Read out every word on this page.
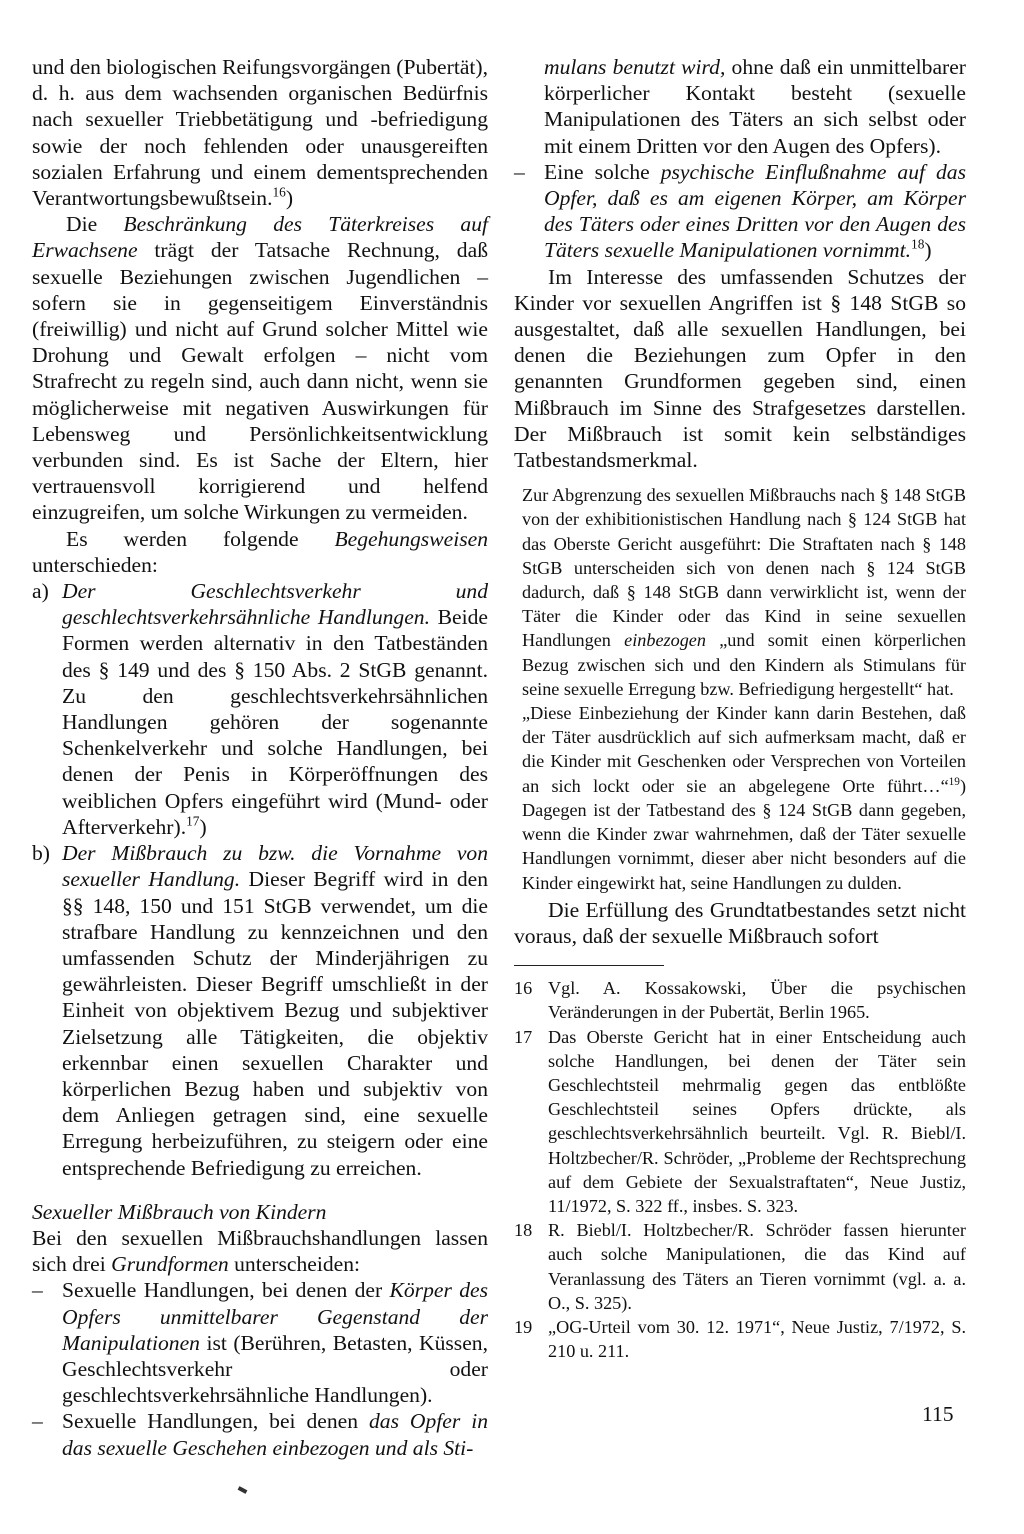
und den biologischen Reifungsvorgängen (Pubertät), d. h. aus dem wachsenden organischen Bedürfnis nach sexueller Triebbetätigung und -befriedigung sowie der noch fehlenden oder unausgereiften sozialen Erfahrung und einem dementsprechenden Verantwortungsbewußtsein.$^{16}$)

Die Beschränkung des Täterkreises auf Erwachsene trägt der Tatsache Rechnung, daß sexuelle Beziehungen zwischen Jugendlichen – sofern sie in gegenseitigem Einverständnis (freiwillig) und nicht auf Grund solcher Mittel wie Drohung und Gewalt erfolgen – nicht vom Strafrecht zu regeln sind, auch dann nicht, wenn sie möglicherweise mit negativen Auswirkungen für Lebensweg und Persönlichkeitsentwicklung verbunden sind. Es ist Sache der Eltern, hier vertrauensvoll korrigierend und helfend einzugreifen, um solche Wirkungen zu vermeiden.

Es werden folgende Begehungsweisen unterschieden:

a) Der Geschlechtsverkehr und geschlechtsverkehrsähnliche Handlungen. Beide Formen werden alternativ in den Tatbeständen des § 149 und des § 150 Abs. 2 StGB genannt. Zu den geschlechtsverkehrsähnlichen Handlungen gehören der sogenannte Schenkelverkehr und solche Handlungen, bei denen der Penis in Körperöffnungen des weiblichen Opfers eingeführt wird (Mund- oder Afterverkehr).$^{17}$)
b) Der Mißbrauch zu bzw. die Vornahme von sexueller Handlung. Dieser Begriff wird in den §§ 148, 150 und 151 StGB verwendet, um die strafbare Handlung zu kennzeichnen und den umfassenden Schutz der Minderjährigen zu gewährleisten. Dieser Begriff umschließt in der Einheit von objektivem Bezug und subjektiver Zielsetzung alle Tätigkeiten, die objektiv erkennbar einen sexuellen Charakter und körperlichen Bezug haben und subjektiv von dem Anliegen getragen sind, eine sexuelle Erregung herbeizuführen, zu steigern oder eine entsprechende Befriedigung zu erreichen.

Sexueller Mißbrauch von Kindern

Bei den sexuellen Mißbrauchshandlungen lassen sich drei Grundformen unterscheiden:

– Sexuelle Handlungen, bei denen der Körper des Opfers unmittelbarer Gegenstand der Manipulationen ist (Berühren, Betasten, Küssen, Geschlechtsverkehr oder geschlechtsverkehrsähnliche Handlungen).
– Sexuelle Handlungen, bei denen das Opfer in das sexuelle Geschehen einbezogen und als Sti-

mulans benutzt wird, ohne daß ein unmittelbarer körperlicher Kontakt besteht (sexuelle Manipulationen des Täters an sich selbst oder mit einem Dritten vor den Augen des Opfers).

– Eine solche psychische Einflußnahme auf das Opfer, daß es am eigenen Körper, am Körper des Täters oder eines Dritten vor den Augen des Täters sexuelle Manipulationen vornimmt.$^{18}$)

Im Interesse des umfassenden Schutzes der Kinder vor sexuellen Angriffen ist § 148 StGB so ausgestaltet, daß alle sexuellen Handlungen, bei denen die Beziehungen zum Opfer in den genannten Grundformen gegeben sind, einen Mißbrauch im Sinne des Strafgesetzes darstellen. Der Mißbrauch ist somit kein selbständiges Tatbestandsmerkmal.

Zur Abgrenzung des sexuellen Mißbrauchs nach § 148 StGB von der exhibitionistischen Handlung nach § 124 StGB hat das Oberste Gericht ausgeführt: Die Straftaten nach § 148 StGB unterscheiden sich von denen nach § 124 StGB dadurch, daß § 148 StGB dann verwirklicht ist, wenn der Täter die Kinder oder das Kind in seine sexuellen Handlungen einbezogen „und somit einen körperlichen Bezug zwischen sich und den Kindern als Stimulans für seine sexuelle Erregung bzw. Befriedigung hergestellt“ hat.

„Diese Einbeziehung der Kinder kann darin Bestehen, daß der Täter ausdrücklich auf sich aufmerksam macht, daß er die Kinder mit Geschenken oder Versprechen von Vorteilen an sich lockt oder sie an abgelegene Orte führt…“$^{19}$) Dagegen ist der Tatbestand des § 124 StGB dann gegeben, wenn die Kinder zwar wahrnehmen, daß der Täter sexuelle Handlungen vornimmt, dieser aber nicht besonders auf die Kinder eingewirkt hat, seine Handlungen zu dulden.

Die Erfüllung des Grundtatbestandes setzt nicht voraus, daß der sexuelle Mißbrauch sofort

16 Vgl. A. Kossakowski, Über die psychischen Veränderungen in der Pubertät, Berlin 1965.
17 Das Oberste Gericht hat in einer Entscheidung auch solche Handlungen, bei denen der Täter sein Geschlechtsteil mehrmalig gegen das entblößte Geschlechtsteil seines Opfers drückte, als geschlechtsverkehrsähnlich beurteilt. Vgl. R. Biebl/I. Holtzbecher/R. Schröder, „Probleme der Rechtsprechung auf dem Gebiete der Sexualstraftaten“, Neue Justiz, 11/1972, S. 322 ff., insbes. S. 323.
18 R. Biebl/I. Holtzbecher/R. Schröder fassen hierunter auch solche Manipulationen, die das Kind auf Veranlassung des Täters an Tieren vornimmt (vgl. a. a. O., S. 325).
19 „OG-Urteil vom 30. 12. 1971“, Neue Justiz, 7/1972, S. 210 u. 211.
115
